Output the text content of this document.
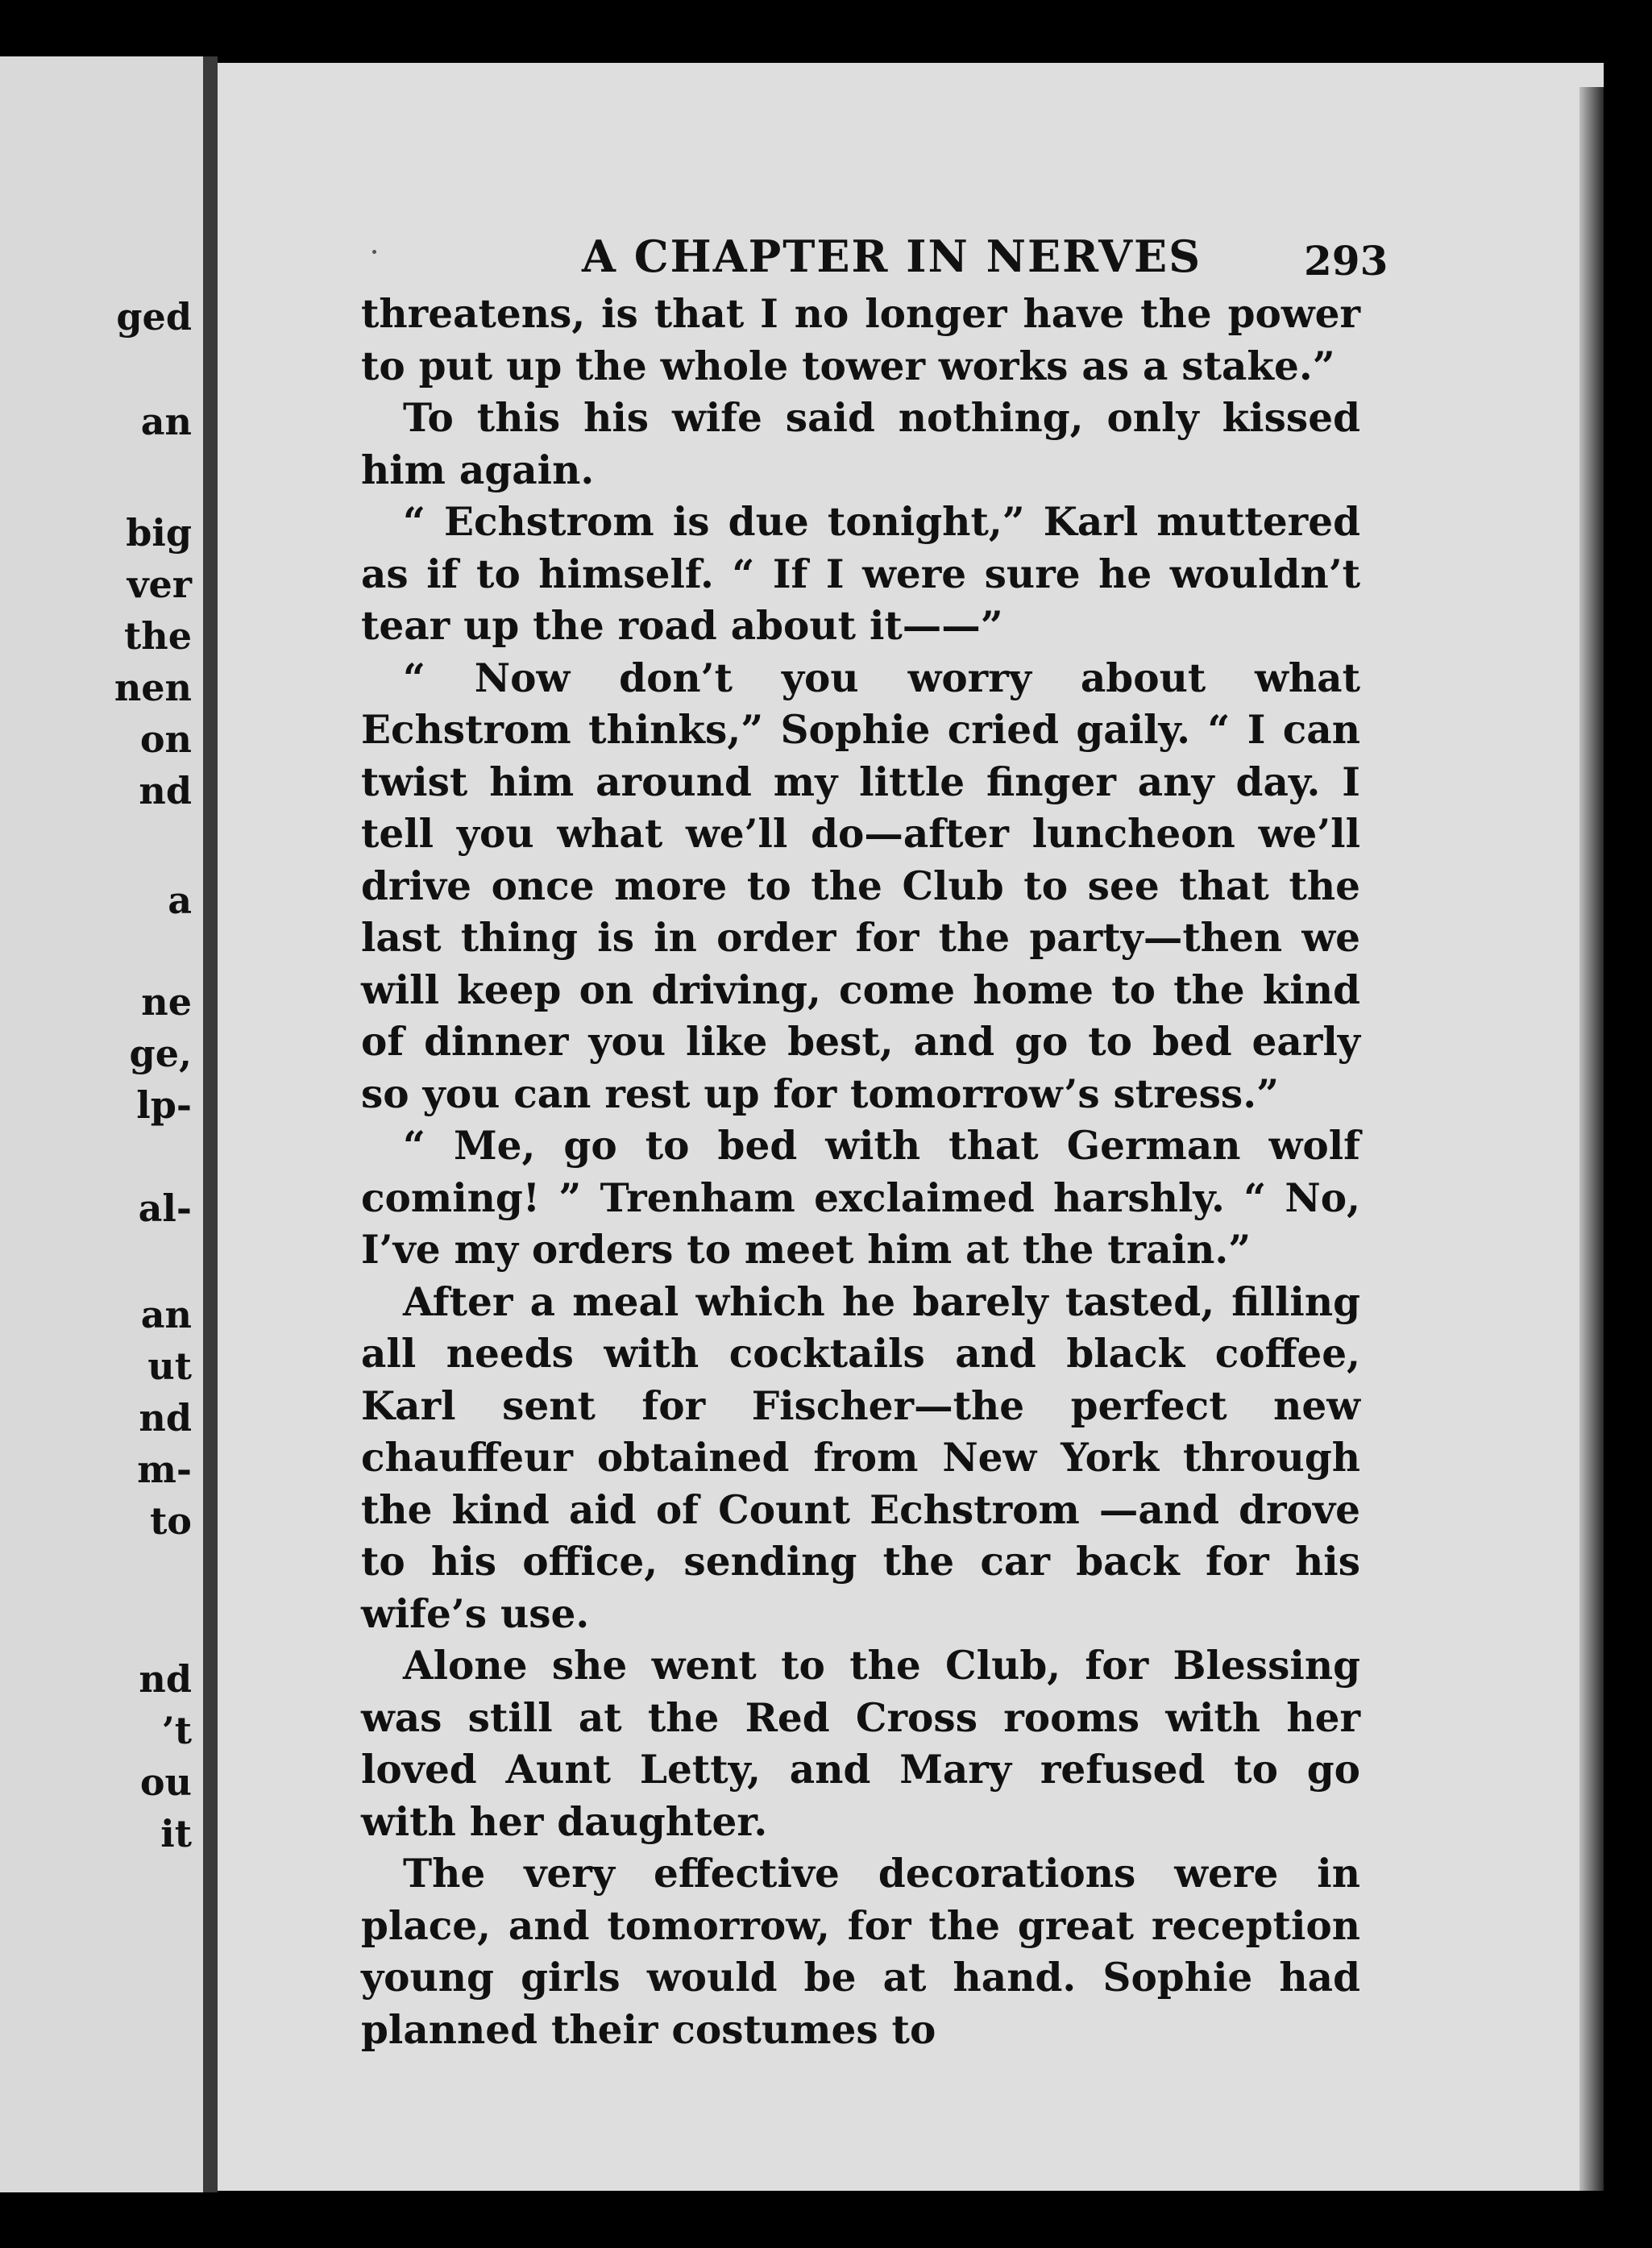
ged
an
big
ver
the
nen
on
nd
a
ne
ge,
lp-
al-
an
ut
nd
m-
to
nd
’t
ou
it
A CHAPTER IN NERVES	293

threatens, is that I no longer have the power to put up the whole tower works as a stake.”

To this his wife said nothing, only kissed him again.

“ Echstrom is due tonight,” Karl muttered as if to himself. “ If I were sure he wouldn’t tear up the road about it——”

“ Now don’t you worry about what Echstrom thinks,” Sophie cried gaily. “ I can twist him around my little finger any day. I tell you what we’ll do—after luncheon we’ll drive once more to the Club to see that the last thing is in order for the party—then we will keep on driving, come home to the kind of dinner you like best, and go to bed early so you can rest up for tomorrow’s stress.”

“ Me, go to bed with that German wolf coming! ” Trenham exclaimed harshly. “ No, I’ve my orders to meet him at the train.”

After a meal which he barely tasted, filling all needs with cocktails and black coffee, Karl sent for Fischer—the perfect new chauffeur obtained from New York through the kind aid of Count Echstrom —and drove to his office, sending the car back for his wife’s use.

Alone she went to the Club, for Blessing was still at the Red Cross rooms with her loved Aunt Letty, and Mary refused to go with her daughter.

The very effective decorations were in place, and tomorrow, for the great reception young girls would be at hand. Sophie had planned their costumes to
